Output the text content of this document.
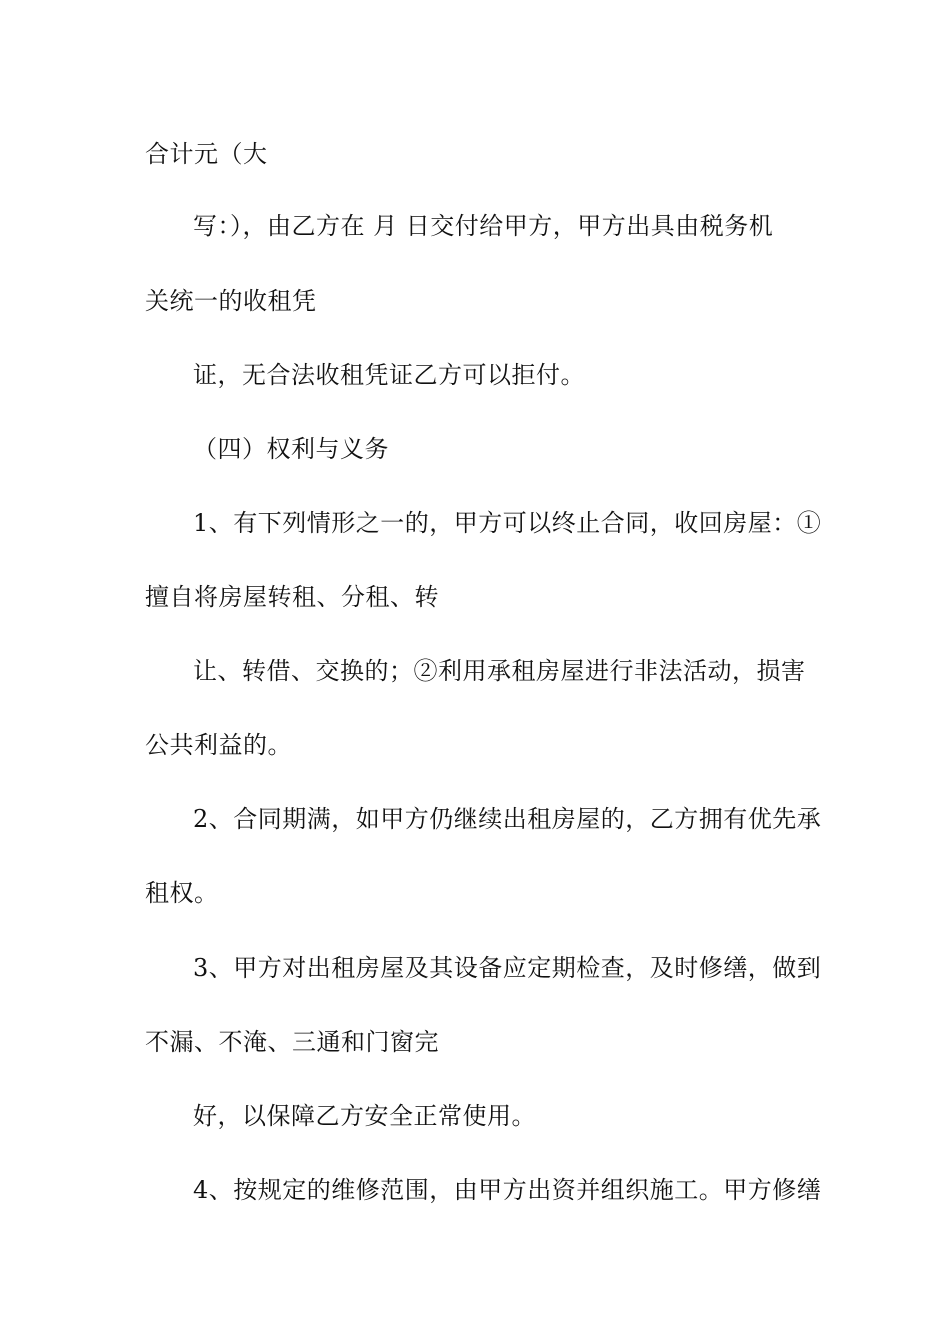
合计元（大
写：），由乙方在 月 日交付给甲方，甲方出具由税务机
关统一的收租凭
证，无合法收租凭证乙方可以拒付。
（四）权利与义务
1、有下列情形之一的，甲方可以终止合同，收回房屋：①
擅自将房屋转租、分租、转
让、转借、交换的；②利用承租房屋进行非法活动，损害
公共利益的。
2、合同期满，如甲方仍继续出租房屋的，乙方拥有优先承
租权。
3、甲方对出租房屋及其设备应定期检查，及时修缮，做到
不漏、不淹、三通和门窗完
好，以保障乙方安全正常使用。
4、按规定的维修范围，由甲方出资并组织施工。甲方修缮
